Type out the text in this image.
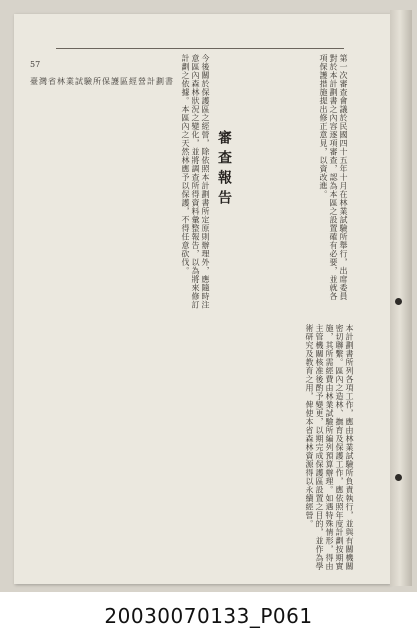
57
臺灣省林業試驗所保護區經營計劃書
審查報告	第一次審查會議於民國四十五年十月在林業試驗所舉行，出席委員對於本計劃書之內容逐項審查，認為本區之設置確有必要，並就各項保護措施提出修正意見，以資改進。
今後關於保護區之經營，除依照本計劃書所定原則辦理外，應隨時注意區內森林狀況之變化，並將調查所得資料彙整報告，以為將來修訂計劃之依據。本區內之天然林應予以保護，不得任意砍伐。
本計劃書所列各項工作，應由林業試驗所負責執行，並與有關機關密切聯繫。區內之造林、撫育及保護工作，應依照年度計劃按期實施，其所需經費由林業試驗所編列預算辦理。如遇特殊情形，得由主管機關核准後酌予變更，以期完成保護區設置之目的，並作為學術研究及教育之用，俾使本省森林資源得以永續經營。
20030070133_P061
